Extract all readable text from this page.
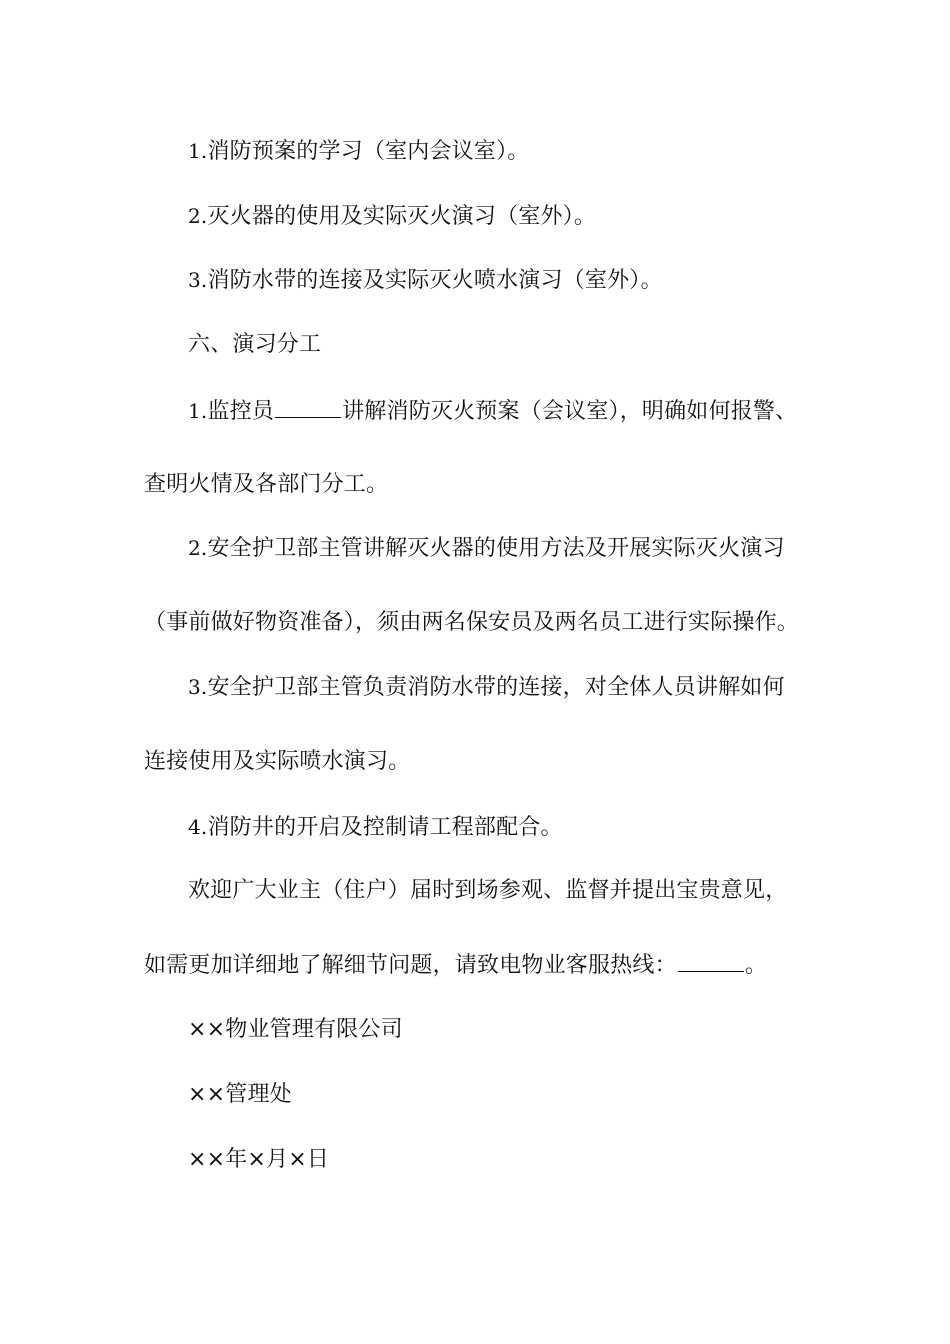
1.消防预案的学习（室内会议室）。
2.灭火器的使用及实际灭火演习（室外）。
3.消防水带的连接及实际灭火喷水演习（室外）。
六、演习分工
1.监控员	讲解消防灭火预案（会议室），明确如何报警、
查明火情及各部门分工。
2.安全护卫部主管讲解灭火器的使用方法及开展实际灭火演习
（事前做好物资准备），须由两名保安员及两名员工进行实际操作。
3.安全护卫部主管负责消防水带的连接，对全体人员讲解如何
连接使用及实际喷水演习。
4.消防井的开启及控制请工程部配合。
欢迎广大业主（住户）届时到场参观、监督并提出宝贵意见，
如需更加详细地了解细节问题，请致电物业客服热线：	。
××物业管理有限公司
××管理处
××年×月×日
